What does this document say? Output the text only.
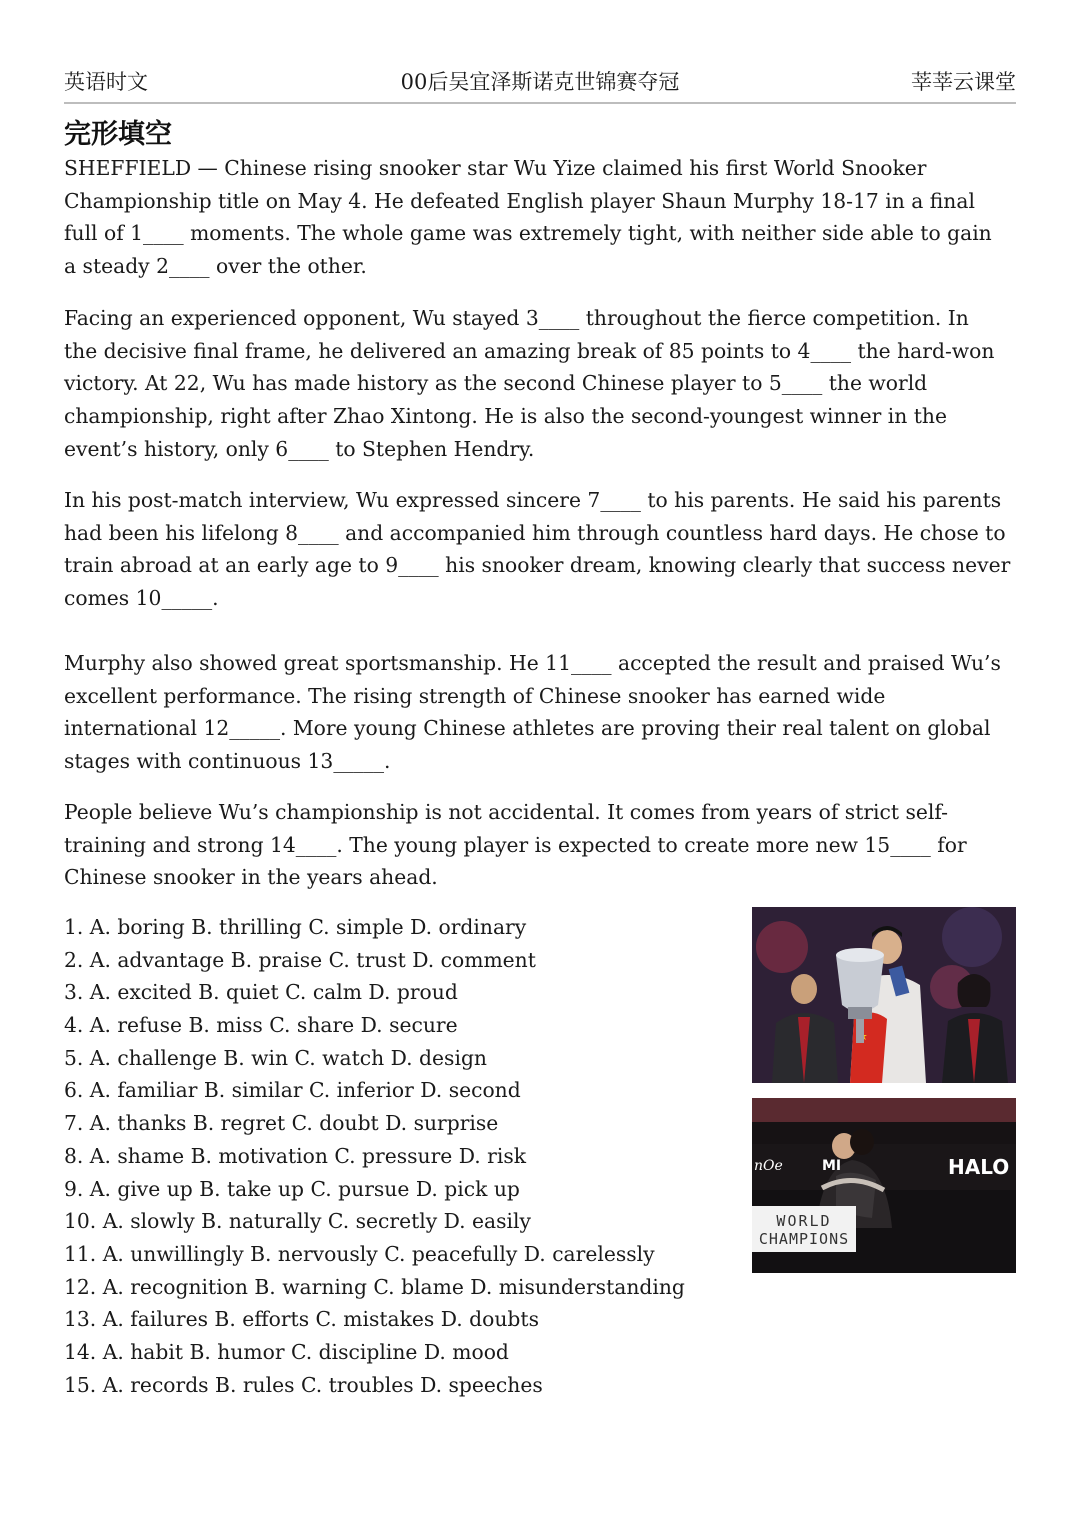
英语时文	00后吴宜泽斯诺克世锦赛夺冠	莘莘云课堂
完形填空
SHEFFIELD — Chinese rising snooker star Wu Yize claimed his first World Snooker
Championship title on May 4. He defeated English player Shaun Murphy 18-17 in a final
full of 1____ moments. The whole game was extremely tight, with neither side able to gain
a steady 2____ over the other.
Facing an experienced opponent, Wu stayed 3____ throughout the fierce competition. In
the decisive final frame, he delivered an amazing break of 85 points to 4____ the hard-won
victory. At 22, Wu has made history as the second Chinese player to 5____ the world
championship, right after Zhao Xintong. He is also the second-youngest winner in the
event’s history, only 6____ to Stephen Hendry.
In his post-match interview, Wu expressed sincere 7____ to his parents. He said his parents
had been his lifelong 8____ and accompanied him through countless hard days. He chose to
train abroad at an early age to 9____ his snooker dream, knowing clearly that success never
comes 10_____.
Murphy also showed great sportsmanship. He 11____ accepted the result and praised Wu’s
excellent performance. The rising strength of Chinese snooker has earned wide
international 12_____. More young Chinese athletes are proving their real talent on global
stages with continuous 13_____.
People believe Wu’s championship is not accidental. It comes from years of strict self-
training and strong 14____. The young player is expected to create more new 15____ for
Chinese snooker in the years ahead.
1. A. boring B. thrilling C. simple D. ordinary
2. A. advantage B. praise C. trust D. comment
3. A. excited B. quiet C. calm D. proud
4. A. refuse B. miss C. share D. secure
5. A. challenge B. win C. watch D. design
6. A. familiar B. similar C. inferior D. second
7. A. thanks B. regret C. doubt D. surprise
8. A. shame B. motivation C. pressure D. risk
9. A. give up B. take up C. pursue D. pick up
10. A. slowly B. naturally C. secretly D. easily
11. A. unwillingly B. nervously C. peacefully D. carelessly
12. A. recognition B. warning C. blame D. misunderstanding
13. A. failures B. efforts C. mistakes D. doubts
14. A. habit B. humor C. discipline D. mood
15. A. records B. rules C. troubles D. speeches
WORLD
CHAMPIONS
nOe	MI	HALO
